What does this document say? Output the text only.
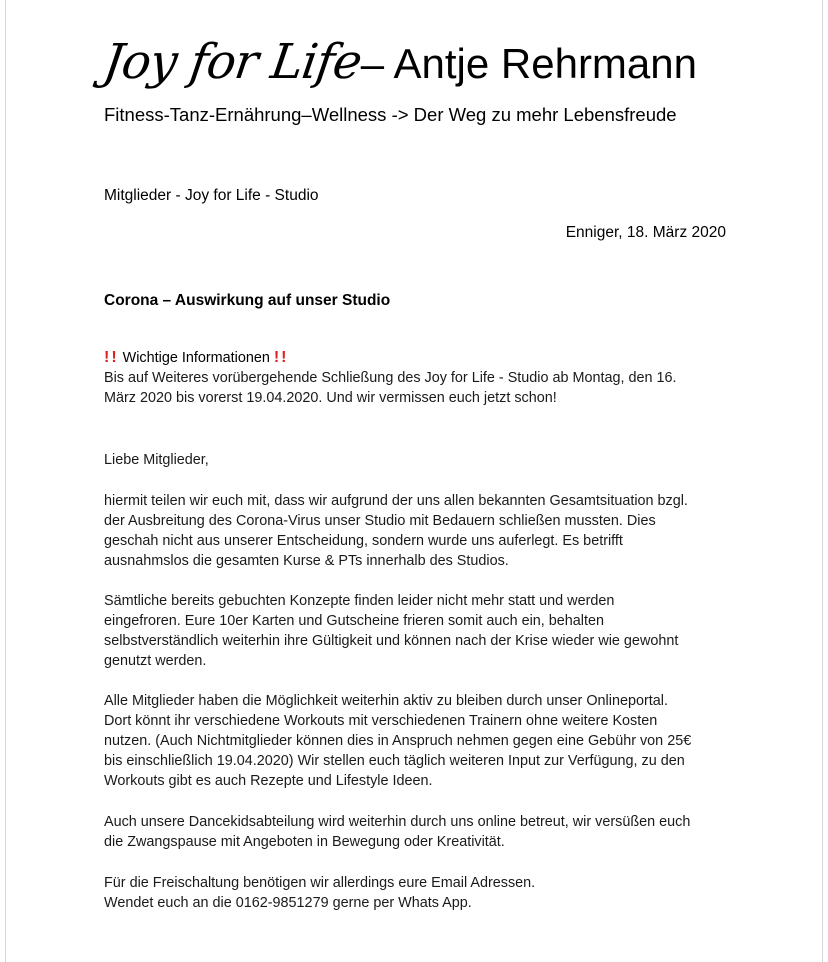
Joy for Life
– Antje Rehrmann
Fitness-Tanz-Ernährung–Wellness -> Der Weg zu mehr Lebensfreude
Mitglieder - Joy for Life - Studio
Enniger, 18. März 2020
Corona – Auswirkung auf unser Studio
!! Wichtige Informationen !!
Bis auf Weiteres vorübergehende Schließung des Joy for Life - Studio ab Montag, den 16.
März 2020 bis vorerst 19.04.2020. Und wir vermissen euch jetzt schon!
Liebe Mitglieder,
hiermit teilen wir euch mit, dass wir aufgrund der uns allen bekannten Gesamtsituation bzgl.
der Ausbreitung des Corona-Virus unser Studio mit Bedauern schließen mussten. Dies
geschah nicht aus unserer Entscheidung, sondern wurde uns auferlegt. Es betrifft
ausnahmslos die gesamten Kurse & PTs innerhalb des Studios.
Sämtliche bereits gebuchten Konzepte finden leider nicht mehr statt und werden
eingefroren. Eure 10er Karten und Gutscheine frieren somit auch ein, behalten
selbstverständlich weiterhin ihre Gültigkeit und können nach der Krise wieder wie gewohnt
genutzt werden.
Alle Mitglieder haben die Möglichkeit weiterhin aktiv zu bleiben durch unser Onlineportal.
Dort könnt ihr verschiedene Workouts mit verschiedenen Trainern ohne weitere Kosten
nutzen. (Auch Nichtmitglieder können dies in Anspruch nehmen gegen eine Gebühr von 25€
bis einschließlich 19.04.2020) Wir stellen euch täglich weiteren Input zur Verfügung, zu den
Workouts gibt es auch Rezepte und Lifestyle Ideen.
Auch unsere Dancekidsabteilung wird weiterhin durch uns online betreut, wir versüßen euch
die Zwangspause mit Angeboten in Bewegung oder Kreativität.
Für die Freischaltung benötigen wir allerdings eure Email Adressen.
Wendet euch an die 0162-9851279 gerne per Whats App.
